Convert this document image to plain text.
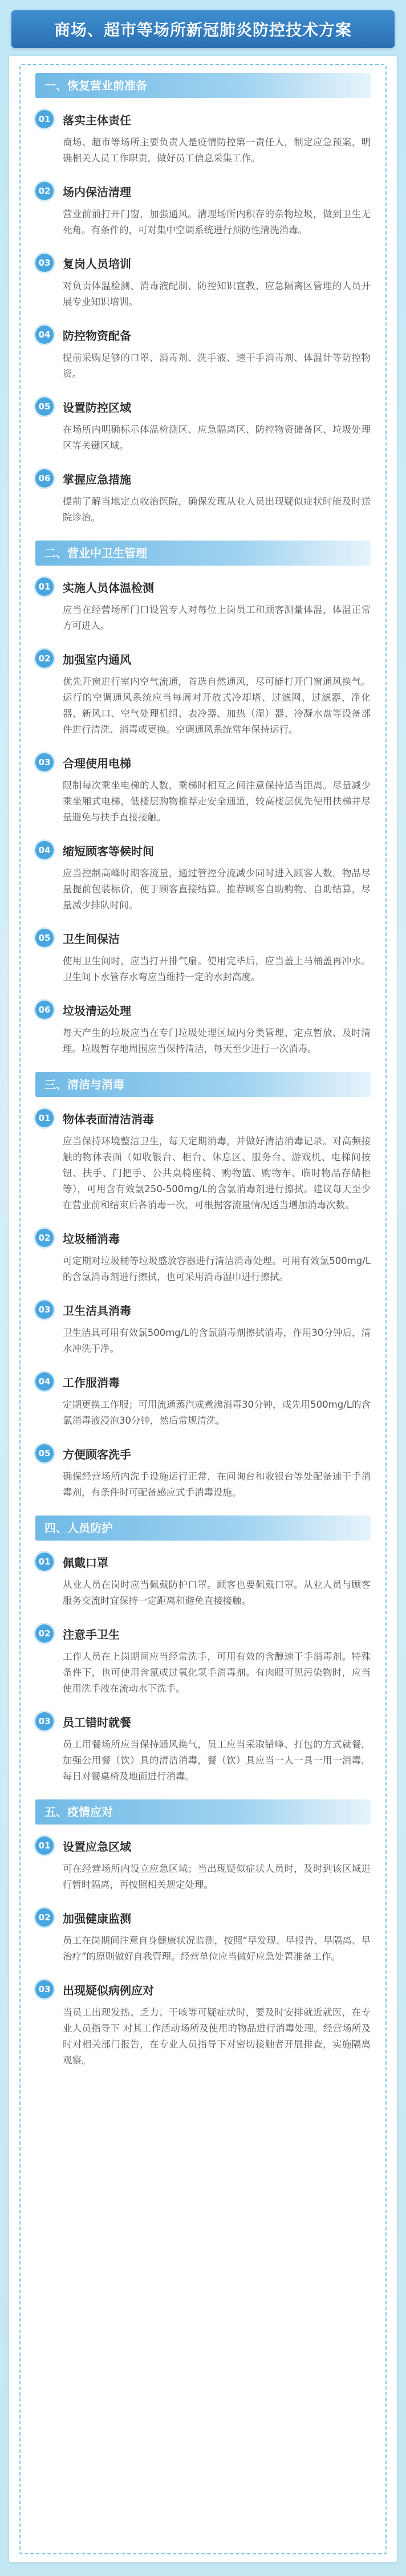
商场、超市等场所新冠肺炎防控技术方案
一、恢复营业前准备
01 落实主体责任
商场、超市等场所主要负责人是疫情防控第一责任人，制定应急预案，明确相关人员工作职责，做好员工信息采集工作。
02 场内保洁清理
营业前前打开门窗，加强通风。清理场所内积存的杂物垃圾，做到卫生无死角。有条件的，可对集中空调系统进行预防性清洗消毒。
03 复岗人员培训
对负责体温检测、消毒液配制、防控知识宣教、应急隔离区管理的人员开展专业知识培训。
04 防控物资配备
提前采购足够的口罩、消毒剂、洗手液、速干手消毒剂、体温计等防控物资。
05 设置防控区域
在场所内明确标示体温检测区、应急隔离区、防控物资储备区、垃圾处理区等关键区域。
06 掌握应急措施
提前了解当地定点收治医院，确保发现从业人员出现疑似症状时能及时送院诊治。
二、营业中卫生管理
01 实施人员体温检测
应当在经营场所门口设置专人对每位上岗员工和顾客测量体温，体温正常方可进入。
02 加强室内通风
优先开窗进行室内空气流通，首选自然通风，尽可能打开门窗通风换气。运行的空调通风系统应当每周对开放式冷却塔、过滤网、过滤器、净化器、新风口、空气处理机组、表冷器、加热（湿）器、冷凝水盘等设备部件进行清洗、消毒或更换。空调通风系统常年保持运行。
03 合理使用电梯
限制每次乘坐电梯的人数，乘梯时相互之间注意保持适当距离。尽量减少乘坐厢式电梯，低楼层购物推荐走安全通道，较高楼层优先使用扶梯并尽量避免与扶手直接接触。
04 缩短顾客等候时间
应当控制高峰时期客流量，通过管控分流减少同时进入顾客人数。物品尽量提前包装标价，便于顾客直接结算。推荐顾客自助购物、自助结算，尽量减少排队时间。
05 卫生间保洁
使用卫生间时，应当打开排气扇。使用完毕后，应当盖上马桶盖再冲水。卫生间下水管存水弯应当维持一定的水封高度。
06 垃圾清运处理
每天产生的垃圾应当在专门垃圾处理区域内分类管理、定点暂放、及时清理。垃圾暂存地周围应当保持清洁，每天至少进行一次消毒。
三、清洁与消毒
01 物体表面清洁消毒
应当保持环境整洁卫生，每天定期消毒，并做好清洁消毒记录。对高频接触的物体表面（如收银台、柜台、休息区、服务台、游戏机、电梯间按钮、扶手、门把手、公共桌椅座椅、购物篮、购物车、临时物品存储柜等），可用含有效氯250-500mg/L的含氯消毒剂进行擦拭。建议每天至少在营业前和结束后各消毒一次，可根据客流量情况适当增加消毒次数。
02 垃圾桶消毒
可定期对垃圾桶等垃圾盛放容器进行清洁消毒处理。可用有效氯500mg/L的含氯消毒剂进行擦拭，也可采用消毒湿巾进行擦拭。
03 卫生洁具消毒
卫生洁具可用有效氯500mg/L的含氯消毒剂擦拭消毒，作用30分钟后，清水冲洗干净。
04 工作服消毒
定期更换工作服；可用流通蒸汽或煮沸消毒30分钟，或先用500mg/L的含氯消毒液浸泡30分钟，然后常规清洗。
05 方便顾客洗手
确保经营场所内洗手设施运行正常，在问询台和收银台等处配备速干手消毒剂，有条件时可配备感应式手消毒设施。
四、人员防护
01 佩戴口罩
从业人员在岗时应当佩戴防护口罩。顾客也要佩戴口罩。从业人员与顾客服务交流时宜保持一定距离和避免直接接触。
02 注意手卫生
工作人员在上岗期间应当经常洗手，可用有效的含醇速干手消毒剂。特殊条件下，也可使用含氯或过氧化氢手消毒剂。有肉眼可见污染物时，应当使用洗手液在流动水下洗手。
03 员工错时就餐
员工用餐场所应当保持通风换气，员工应当采取错峰、打包的方式就餐，加强公用餐（饮）具的清洁消毒，餐（饮）具应当一人一具一用一消毒，每日对餐桌椅及地面进行消毒。
五、疫情应对
01 设置应急区域
可在经营场所内设立应急区域；当出现疑似症状人员时，及时到该区域进行暂时隔离，再按照相关规定处理。
02 加强健康监测
员工在岗期间注意自身健康状况监测，按照“早发现、早报告、早隔离、早治疗”的原则做好自我管理。经营单位应当做好应急处置准备工作。
03 出现疑似病例应对
当员工出现发热、乏力、干咳等可疑症状时，要及时安排就近就医，在专业人员指导下 对其工作活动场所及使用的物品进行消毒处理。经营场所及时对相关部门报告，在专业人员指导下对密切接触者开展排查，实施隔离观察。
